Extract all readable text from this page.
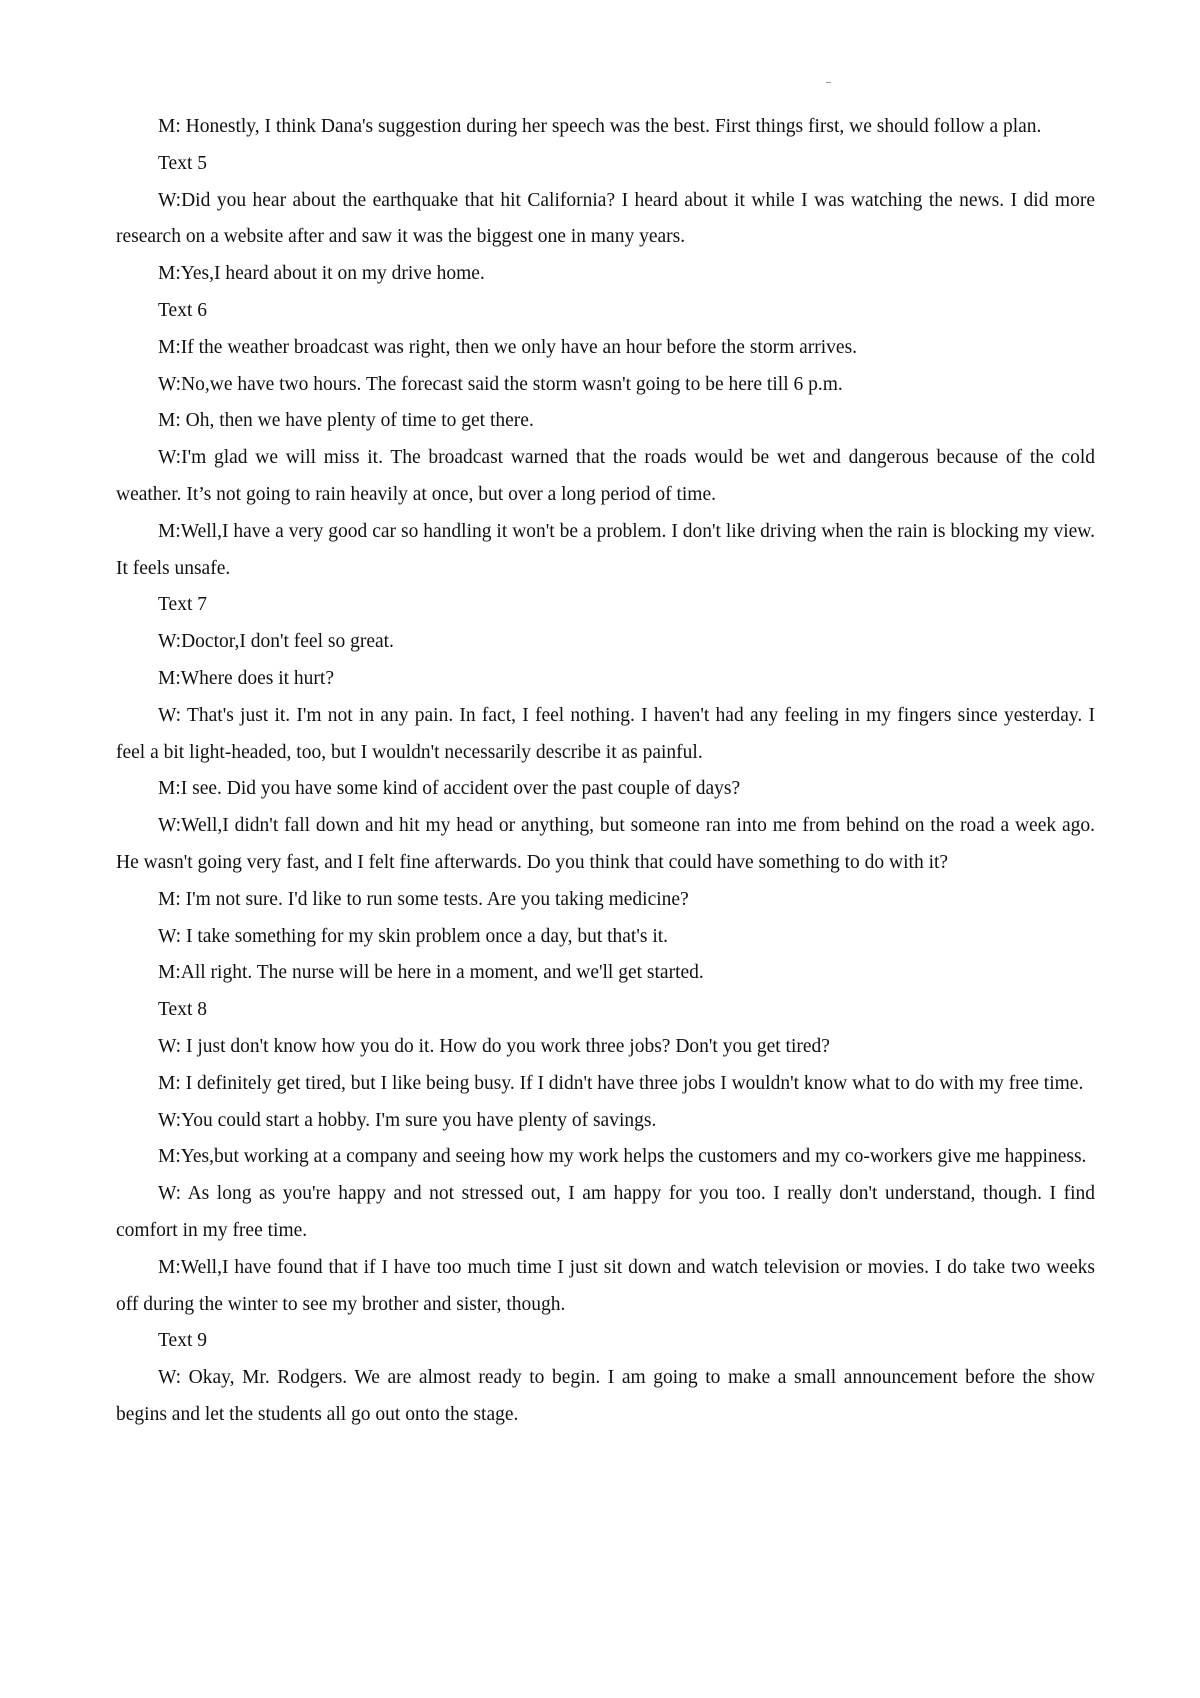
M: Honestly, I think Dana's suggestion during her speech was the best. First things first, we should follow a plan.

Text 5

W:Did you hear about the earthquake that hit California? I heard about it while I was watching the news. I did more research on a website after and saw it was the biggest one in many years.

M:Yes,I heard about it on my drive home.

Text 6

M:If the weather broadcast was right, then we only have an hour before the storm arrives.

W:No,we have two hours. The forecast said the storm wasn't going to be here till 6 p.m.

M: Oh, then we have plenty of time to get there.

W:I'm glad we will miss it. The broadcast warned that the roads would be wet and dangerous because of the cold weather. It’s not going to rain heavily at once, but over a long period of time.

M:Well,I have a very good car so handling it won't be a problem. I don't like driving when the rain is blocking my view. It feels unsafe.

Text 7

W:Doctor,I don't feel so great.

M:Where does it hurt?

W: That's just it. I'm not in any pain. In fact, I feel nothing. I haven't had any feeling in my fingers since yesterday. I feel a bit light-headed, too, but I wouldn't necessarily describe it as painful.

M:I see. Did you have some kind of accident over the past couple of days?

W:Well,I didn't fall down and hit my head or anything, but someone ran into me from behind on the road a week ago. He wasn't going very fast, and I felt fine afterwards. Do you think that could have something to do with it?

M: I'm not sure. I'd like to run some tests. Are you taking medicine?

W: I take something for my skin problem once a day, but that's it.

M:All right. The nurse will be here in a moment, and we'll get started.

Text 8

W: I just don't know how you do it. How do you work three jobs? Don't you get tired?

M: I definitely get tired, but I like being busy. If I didn't have three jobs I wouldn't know what to do with my free time.

W:You could start a hobby. I'm sure you have plenty of savings.

M:Yes,but working at a company and seeing how my work helps the customers and my co-workers give me happiness.

W: As long as you're happy and not stressed out, I am happy for you too. I really don't understand, though. I find comfort in my free time.

M:Well,I have found that if I have too much time I just sit down and watch television or movies. I do take two weeks off during the winter to see my brother and sister, though.

Text 9

W: Okay, Mr. Rodgers. We are almost ready to begin. I am going to make a small announcement before the show begins and let the students all go out onto the stage.
